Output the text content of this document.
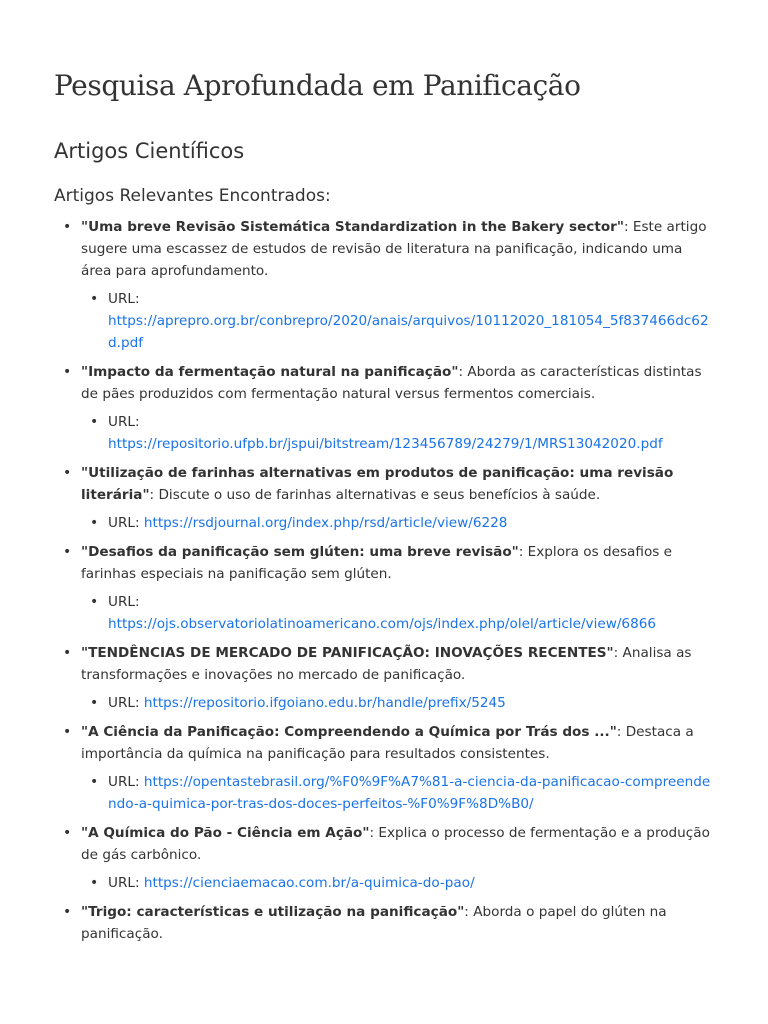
Pesquisa Aprofundada em Panificação
Artigos Científicos
Artigos Relevantes Encontrados:
• "Uma breve Revisão Sistemática Standardization in the Bakery sector": Este artigo sugere uma escassez de estudos de revisão de literatura na panificação, indicando uma área para aprofundamento.
• URL:
https://aprepro.org.br/conbrepro/2020/anais/arquivos/10112020_181054_5f837466dc62d.pdf
• "Impacto da fermentação natural na panificação": Aborda as características distintas de pães produzidos com fermentação natural versus fermentos comerciais.
• URL:
https://repositorio.ufpb.br/jspui/bitstream/123456789/24279/1/MRS13042020.pdf
• "Utilização de farinhas alternativas em produtos de panificação: uma revisão literária": Discute o uso de farinhas alternativas e seus benefícios à saúde.
• URL: https://rsdjournal.org/index.php/rsd/article/view/6228
• "Desafios da panificação sem glúten: uma breve revisão": Explora os desafios e farinhas especiais na panificação sem glúten.
• URL:
https://ojs.observatoriolatinoamericano.com/ojs/index.php/olel/article/view/6866
• "TENDÊNCIAS DE MERCADO DE PANIFICAÇÃO: INOVAÇÕES RECENTES": Analisa as transformações e inovações no mercado de panificação.
• URL: https://repositorio.ifgoiano.edu.br/handle/prefix/5245
• "A Ciência da Panificação: Compreendendo a Química por Trás dos ...": Destaca a importância da química na panificação para resultados consistentes.
• URL: https://opentastebrasil.org/%F0%9F%A7%81-a-ciencia-da-panificacao-compreendendo-a-quimica-por-tras-dos-doces-perfeitos-%F0%9F%8D%B0/
• "A Química do Pão - Ciência em Ação": Explica o processo de fermentação e a produção de gás carbônico.
• URL: https://cienciaemacao.com.br/a-quimica-do-pao/
• "Trigo: características e utilização na panificação": Aborda o papel do glúten na panificação.
